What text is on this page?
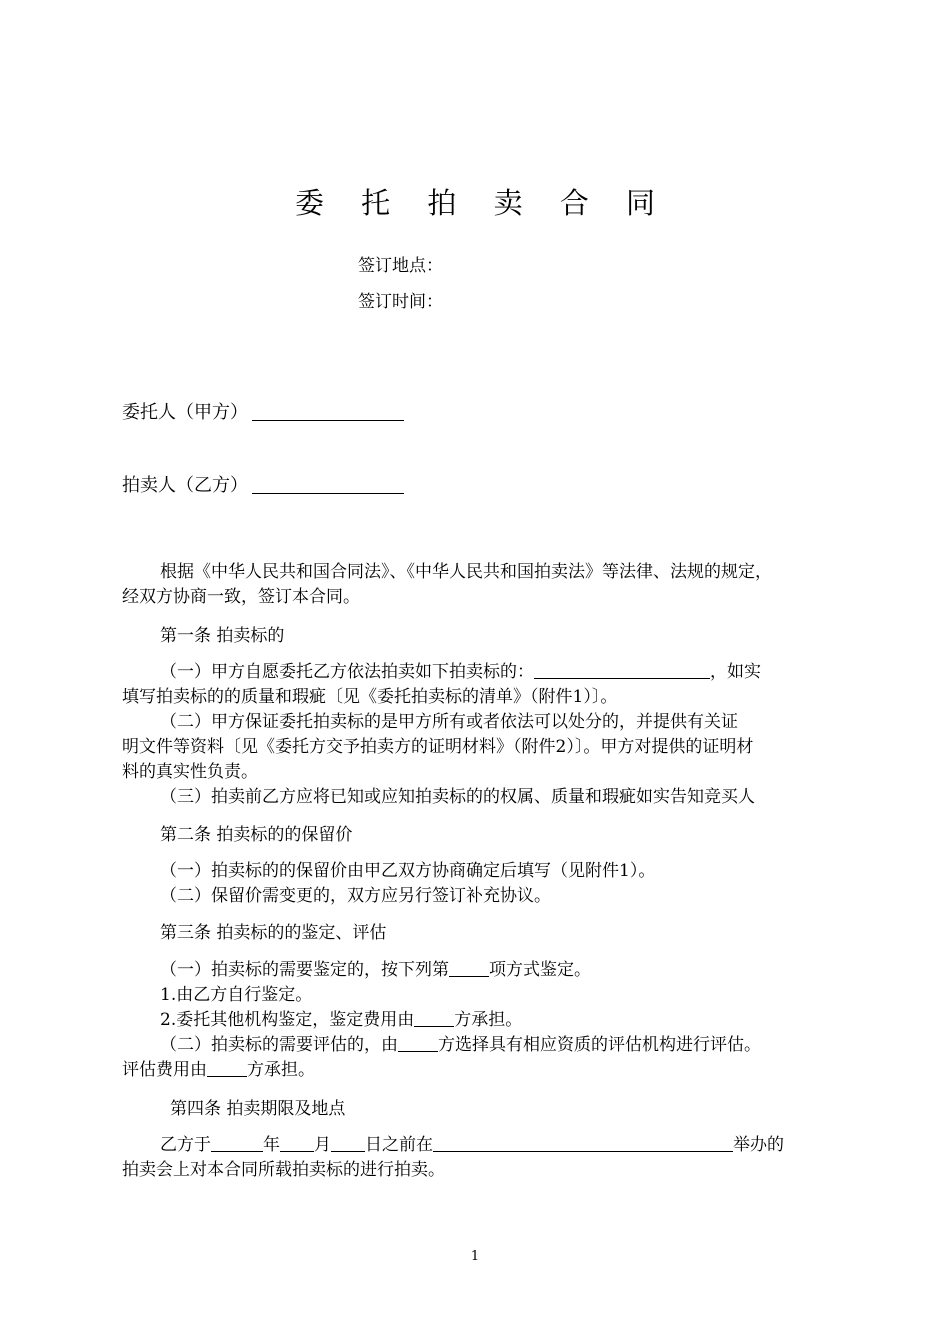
委 托 拍 卖 合 同
签订地点：
签订时间：
委托人（甲方）
拍卖人（乙方）
根据《中华人民共和国合同法》、《中华人民共和国拍卖法》等法律、法规的规定，
经双方协商一致，签订本合同。
第一条 拍卖标的
（一）甲方自愿委托乙方依法拍卖如下拍卖标的：	，如实
填写拍卖标的的质量和瑕疵〔见《委托拍卖标的清单》（附件1）〕。
（二）甲方保证委托拍卖标的是甲方所有或者依法可以处分的，并提供有关证
明文件等资料〔见《委托方交予拍卖方的证明材料》（附件2）〕。甲方对提供的证明材
料的真实性负责。
（三）拍卖前乙方应将已知或应知拍卖标的的权属、质量和瑕疵如实告知竞买人
第二条 拍卖标的的保留价
（一）拍卖标的的保留价由甲乙双方协商确定后填写（见附件1）。
（二）保留价需变更的，双方应另行签订补充协议。
第三条 拍卖标的的鉴定、评估
（一）拍卖标的需要鉴定的，按下列第 项方式鉴定。
1.由乙方自行鉴定。
2.委托其他机构鉴定，鉴定费用由 方承担。
（二）拍卖标的需要评估的，由 方选择具有相应资质的评估机构进行评估。
评估费用由 方承担。
第四条 拍卖期限及地点
乙方于	年 月 日之前在	举办的
拍卖会上对本合同所载拍卖标的进行拍卖。
1
